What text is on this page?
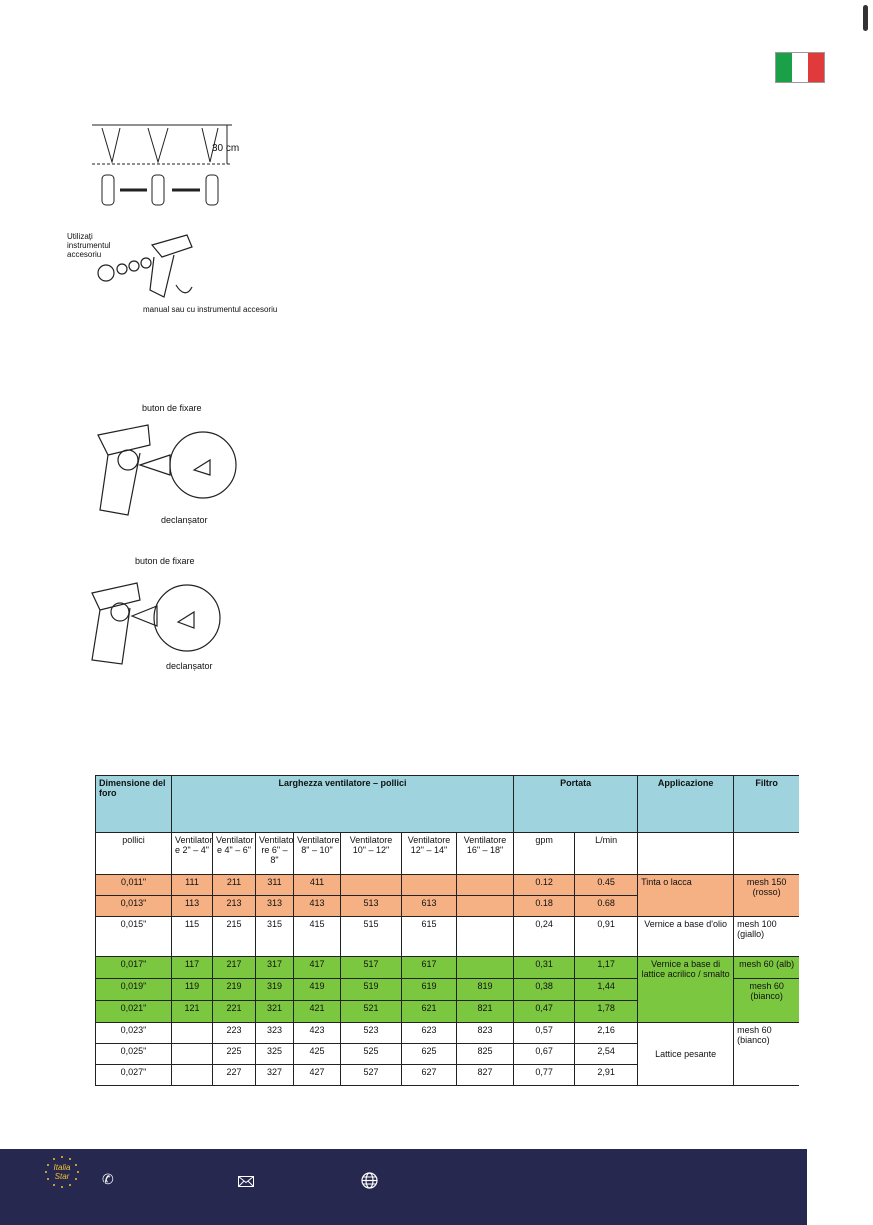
30 cm
Utilizați instrumentul accesoriu
manual sau cu instrumentul accesoriu
buton de fixare
declanșator
buton de fixare
declanșator
Dimensione del foro	Larghezza ventilatore – pollici							Portata		Applicazione	Filtro
pollici	Ventilator e 2" – 4"	Ventilator e 4" – 6"	Ventilato re 6" – 8"	Ventilatore 8" – 10"	Ventilatore 10" – 12"	Ventilatore 12" – 14"	Ventilatore 16" – 18"	gpm	L/min		
0,011"	111	211	311	411				0.12	0.45	Tinta o lacca	mesh 150 (rosso)
0,013"	113	213	313	413	513	613		0.18	0.68		
0,015"	115	215	315	415	515	615		0,24	0,91	Vernice a base d'olio	mesh 100 (giallo)
0,017"	117	217	317	417	517	617		0,31	1,17	Vernice a base di lattice acrilico / smalto	mesh 60 (alb)
0,019"	119	219	319	419	519	619	819	0,38	1,44		mesh 60 (bianco)
0,021"	121	221	321	421	521	621	821	0,47	1,78		
0,023"		223	323	423	523	623	823	0,57	2,16	Lattice pesante	mesh 60 (bianco)
0,025"		225	325	425	525	625	825	0,67	2,54		
0,027"		227	327	427	527	627	827	0,77	2,91		
Italia
Star ✆
